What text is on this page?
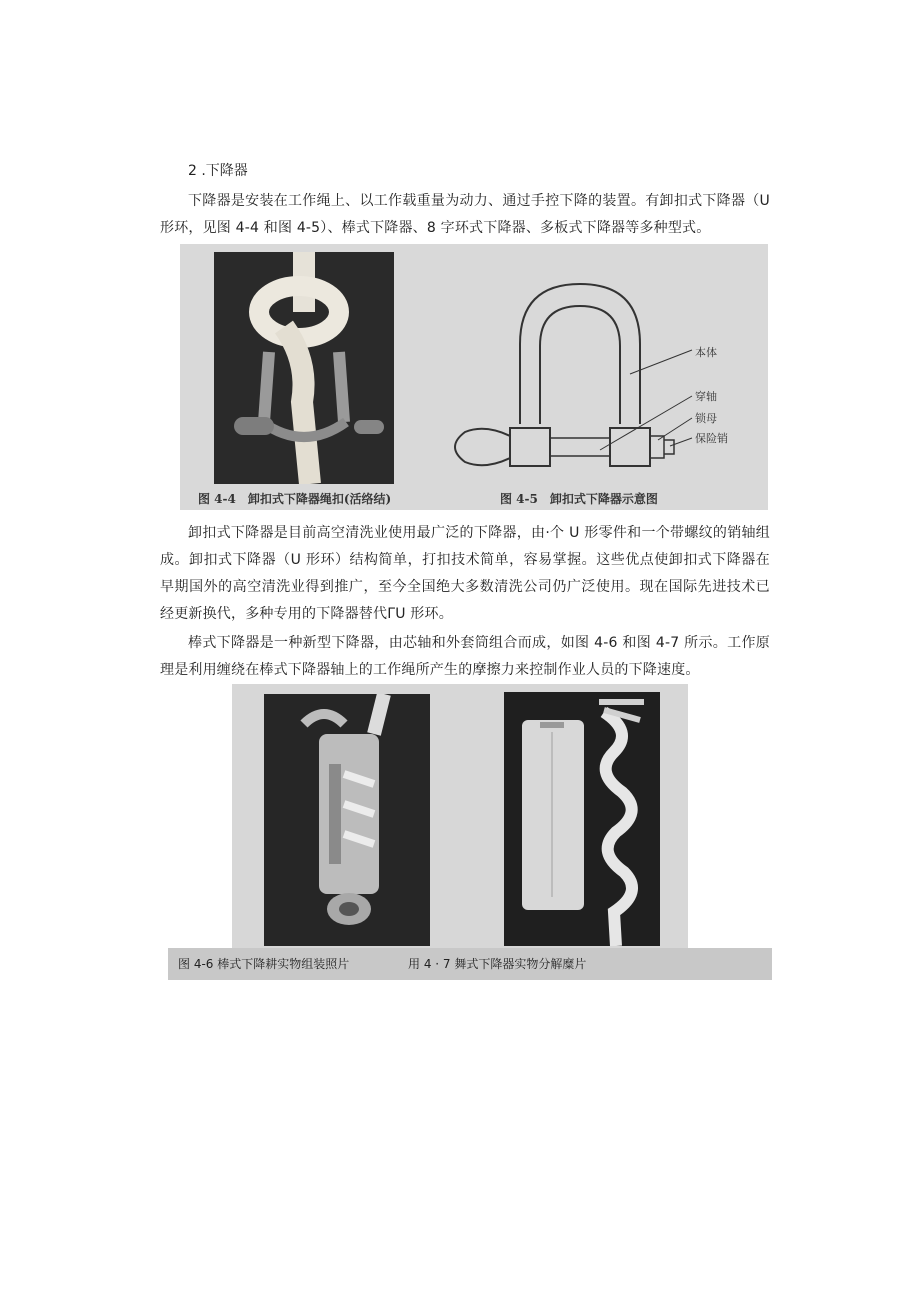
2 .下降器

下降器是安装在工作绳上、以工作载重量为动力、通过手控下降的装置。有卸扣式下降器（U形环，见图 4-4 和图 4-5）、棒式下降器、8 字环式下降器、多板式下降器等多种型式。

本体
穿轴
锁母
保险销
图 4-4　卸扣式下降器绳扣(活络结)	图 4-5　卸扣式下降器示意图

卸扣式下降器是目前高空清洗业使用最广泛的下降器，由·个 U 形零件和一个带螺纹的销轴组成。卸扣式下降器（U 形环）结构简单，打扣技术简单，容易掌握。这些优点使卸扣式下降器在早期国外的高空清洗业得到推广，至今全国绝大多数清洗公司仍广泛使用。现在国际先进技术已经更新换代，多种专用的下降器替代ΓU 形环。

棒式下降器是一种新型下降器，由芯轴和外套筒组合而成，如图 4-6 和图 4-7 所示。工作原理是利用缠绕在棒式下降器轴上的工作绳所产生的摩擦力来控制作业人员的下降速度。

图 4-6 棒式下降耕实物组装照片	用 4 · 7 舞式下降器实物分解糜片
